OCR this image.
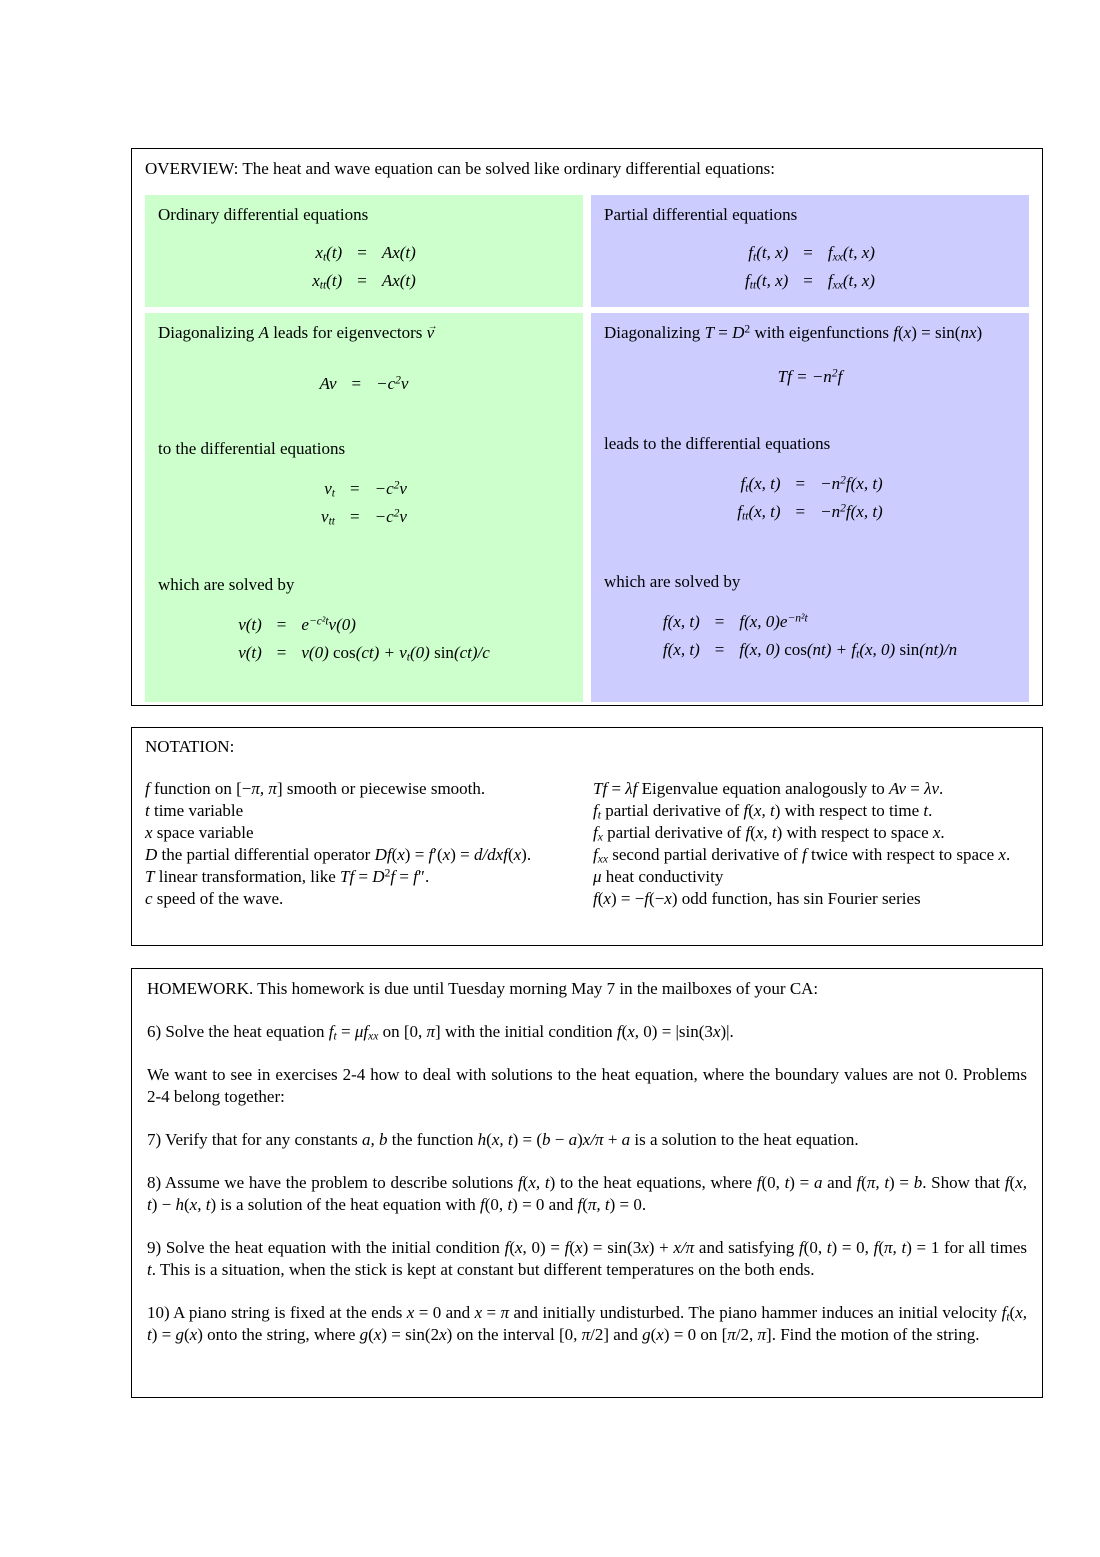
OVERVIEW: The heat and wave equation can be solved like ordinary differential equations:
Ordinary differential equations
$x_t(t) = Ax(t)$
$x_{tt}(t) = Ax(t)$
Partial differential equations
$f_t(t$, $x) = f_{xx}(t$, x)
$f_{tt}(t$, $x) = f_{xx}(t$, x)
Diagonalizing A leads for eigenvectors v →
$Av = -c^2v$
to the differential equations
$v_t = -c^2v$
$v_{tt} = -c^2v$
which are solved by
$v(t) = e^{-c^2t}v(0)$
v(t) = v(0) $\cos(ct) + v_t(0)$ sin(ct)/c
Diagonalizing $T = D^2$ with eigenfunctions f(x) = sin(nx)
$Tf = -n^2f$
leads to the differential equations
$f_t(x$, $t) = -n^2f(x$, t)
$f_{tt}(x$, $t) = -n^2f(x$, t)
which are solved by
f(x, t) = f(x, $0)e^{-n^2t}$
f(x, t) = f(x, 0) $\cos(nt) + f_t(x$, 0) sin(nt)/n
NOTATION:
f function on [−π, π] smooth or piecewise smooth.
t time variable
x space variable
D the partial differential operator Df(x) = f′(x) = d/dxf(x).
T linear transformation, like $Tf = D^2f = f''$.
c speed of the wave.
Tf = λf Eigenvalue equation analogously to Av = λv.
$f_t$ partial derivative of f(x, t) with respect to time t.
$f_x$ partial derivative of f(x, t) with respect to space x.
$f_{xx}$ second partial derivative of f twice with respect to space x.
μ heat conductivity
f(x) = −f(−x) odd function, has sin Fourier series

HOMEWORK. This homework is due until Tuesday morning May 7 in the mailboxes of your CA:

6) Solve the heat equation $f_t = \mu f_{xx}$ on [0, π] with the initial condition f(x, 0) = |sin(3x)|.

We want to see in exercises 2-4 how to deal with solutions to the heat equation, where the boundary values are not 0. Problems 2-4 belong together:

7) Verify that for any constants a, b the function h(x, t) = (b − a)x/π + a is a solution to the heat equation.

8) Assume we have the problem to describe solutions f(x, t) to the heat equations, where f(0, t) = a and f(π, t) = b. Show that f(x, t) − h(x, t) is a solution of the heat equation with f(0, t) = 0 and f(π, t) = 0.

9) Solve the heat equation with the initial condition f(x, 0) = f(x) = sin(3x) + x/π and satisfying f(0, t) = 0, f(π, t) = 1 for all times t. This is a situation, when the stick is kept at constant but different temperatures on the both ends.

10) A piano string is fixed at the ends x = 0 and x = π and initially undisturbed. The piano hammer induces an initial velocity $f_t(x$, t) = g(x) onto the string, where g(x) = sin(2x) on the interval [0, π/2] and g(x) = 0 on [π/2, π]. Find the motion of the string.
